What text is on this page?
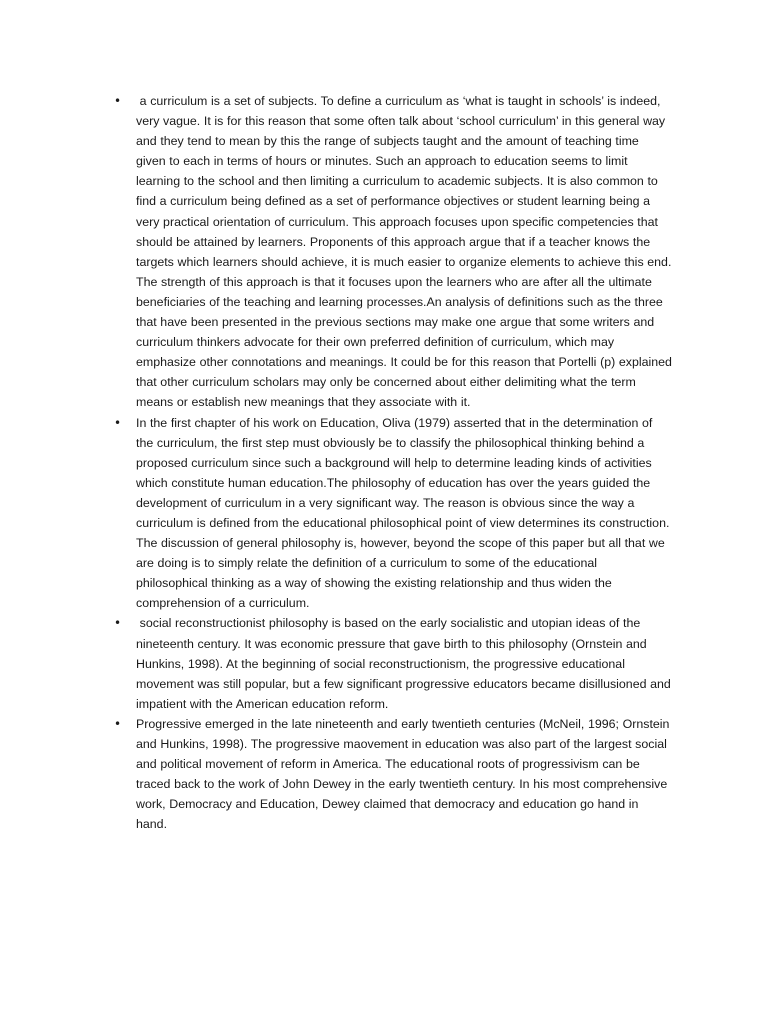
• a curriculum is a set of subjects. To define a curriculum as ‘what is taught in schools’ is indeed, very vague. It is for this reason that some often talk about ‘school curriculum’ in this general way and they tend to mean by this the range of subjects taught and the amount of teaching time given to each in terms of hours or minutes. Such an approach to education seems to limit learning to the school and then limiting a curriculum to academic subjects. It is also common to find a curriculum being defined as a set of performance objectives or student learning being a very practical orientation of curriculum. This approach focuses upon specific competencies that should be attained by learners. Proponents of this approach argue that if a teacher knows the targets which learners should achieve, it is much easier to organize elements to achieve this end. The strength of this approach is that it focuses upon the learners who are after all the ultimate beneficiaries of the teaching and learning processes.An analysis of definitions such as the three that have been presented in the previous sections may make one argue that some writers and curriculum thinkers advocate for their own preferred definition of curriculum, which may emphasize other connotations and meanings. It could be for this reason that Portelli (p) explained that other curriculum scholars may only be concerned about either delimiting what the term means or establish new meanings that they associate with it.
• In the first chapter of his work on Education, Oliva (1979) asserted that in the determination of the curriculum, the first step must obviously be to classify the philosophical thinking behind a proposed curriculum since such a background will help to determine leading kinds of activities which constitute human education.The philosophy of education has over the years guided the development of curriculum in a very significant way. The reason is obvious since the way a curriculum is defined from the educational philosophical point of view determines its construction. The discussion of general philosophy is, however, beyond the scope of this paper but all that we are doing is to simply relate the definition of a curriculum to some of the educational philosophical thinking as a way of showing the existing relationship and thus widen the comprehension of a curriculum.
• social reconstructionist philosophy is based on the early socialistic and utopian ideas of the nineteenth century. It was economic pressure that gave birth to this philosophy (Ornstein and Hunkins, 1998). At the beginning of social reconstructionism, the progressive educational movement was still popular, but a few significant progressive educators became disillusioned and impatient with the American education reform.
• Progressive emerged in the late nineteenth and early twentieth centuries (McNeil, 1996; Ornstein and Hunkins, 1998). The progressive maovement in education was also part of the largest social and political movement of reform in America. The educational roots of progressivism can be traced back to the work of John Dewey in the early twentieth century. In his most comprehensive work, Democracy and Education, Dewey claimed that democracy and education go hand in hand.
